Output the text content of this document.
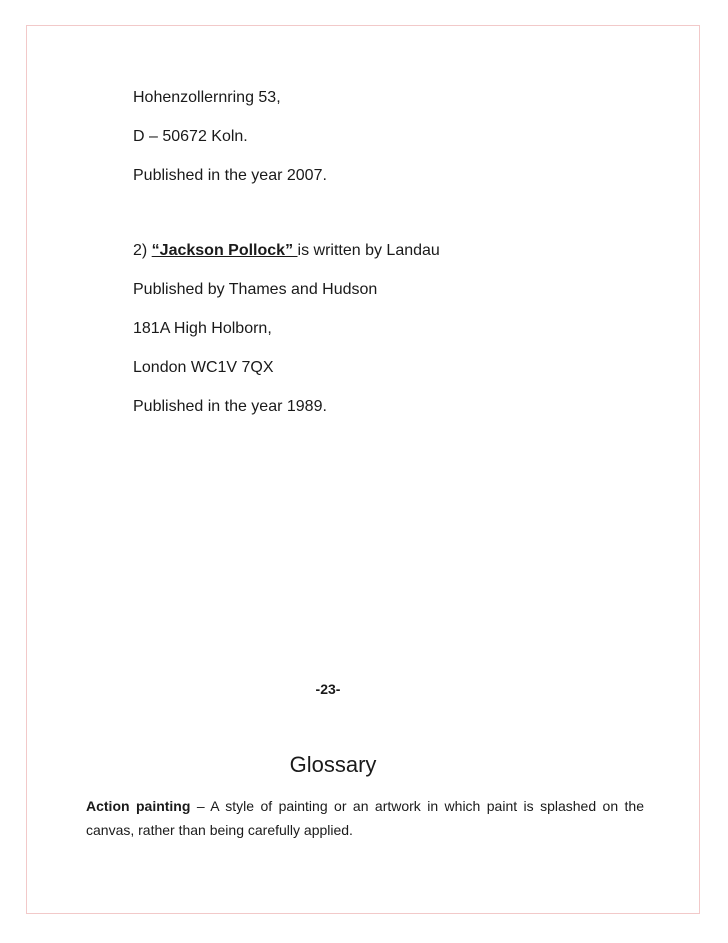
Hohenzollernring 53,

D – 50672 Koln.

Published in the year 2007.

2) “Jackson Pollock” is written by Landau

Published by Thames and Hudson

181A High Holborn,

London WC1V 7QX

Published in the year 1989.

-23-
Glossary

Action painting – A style of painting or an artwork in which paint is splashed on the canvas, rather than being carefully applied.
